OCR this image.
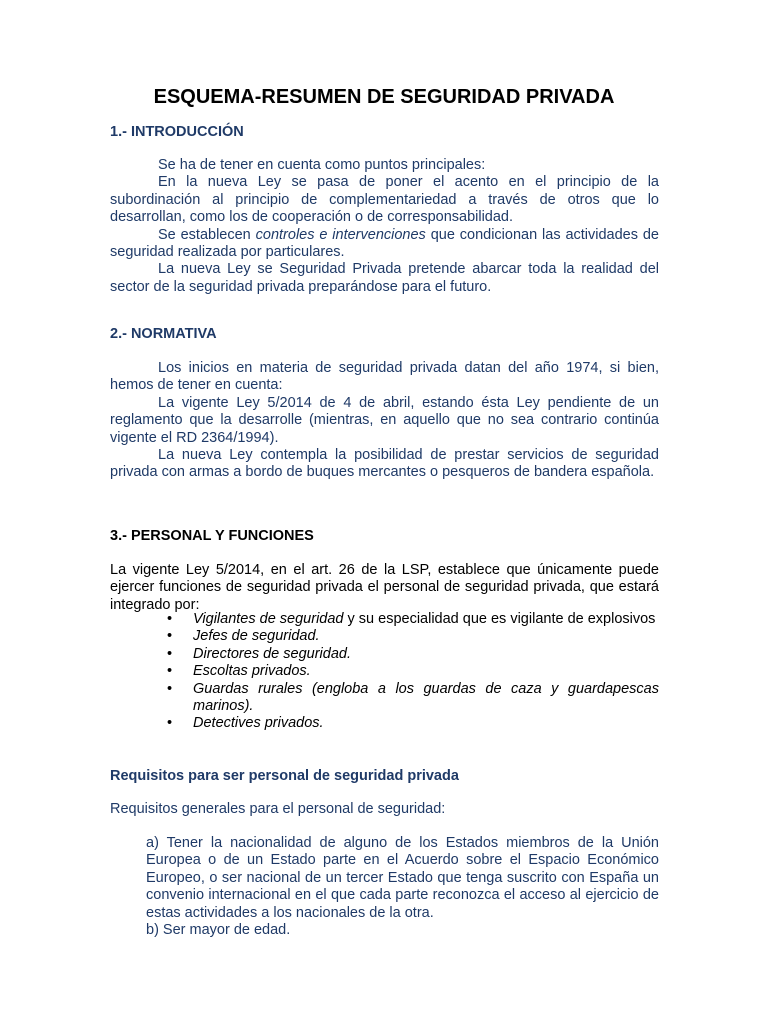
ESQUEMA-RESUMEN DE SEGURIDAD PRIVADA
1.- INTRODUCCIÓN

Se ha de tener en cuenta como puntos principales:

En la nueva Ley se pasa de poner el acento en el principio de la subordinación al principio de complementariedad a través de otros que lo desarrollan, como los de cooperación o de corresponsabilidad.

Se establecen controles e intervenciones que condicionan las actividades de seguridad realizada por particulares.

La nueva Ley se Seguridad Privada pretende abarcar toda la realidad del sector de la seguridad privada preparándose para el futuro.

2.- NORMATIVA

Los inicios en materia de seguridad privada datan del año 1974, si bien, hemos de tener en cuenta:

La vigente Ley 5/2014 de 4 de abril, estando ésta Ley pendiente de un reglamento que la desarrolle (mientras, en aquello que no sea contrario continúa vigente el RD 2364/1994).

La nueva Ley contempla la posibilidad de prestar servicios de seguridad privada con armas a bordo de buques mercantes o pesqueros de bandera española.

3.- PERSONAL Y FUNCIONES

La vigente Ley 5/2014, en el art. 26 de la LSP, establece que únicamente puede ejercer funciones de seguridad privada el personal de seguridad privada, que estará integrado por:

• Vigilantes de seguridad y su especialidad que es vigilante de explosivos
• Jefes de seguridad.
• Directores de seguridad.
• Escoltas privados.
• Guardas rurales (engloba a los guardas de caza y guardapescas marinos).
• Detectives privados.
Requisitos para ser personal de seguridad privada

Requisitos generales para el personal de seguridad:

a) Tener la nacionalidad de alguno de los Estados miembros de la Unión Europea o de un Estado parte en el Acuerdo sobre el Espacio Económico Europeo, o ser nacional de un tercer Estado que tenga suscrito con España un convenio internacional en el que cada parte reconozca el acceso al ejercicio de estas actividades a los nacionales de la otra.

b) Ser mayor de edad.
